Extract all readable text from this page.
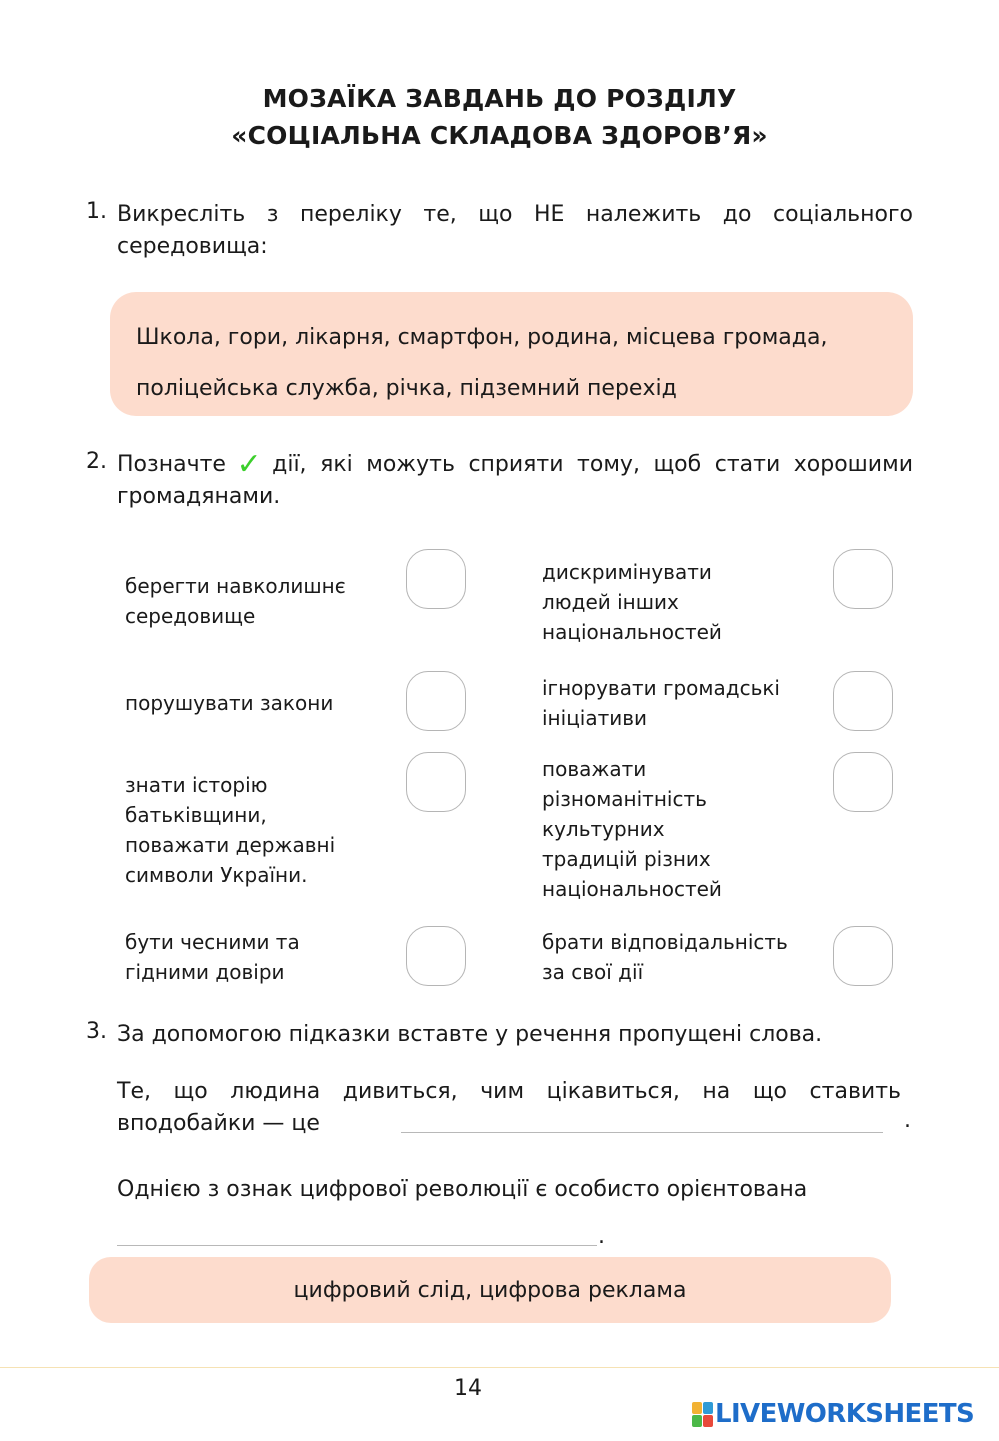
МОЗАЇКА ЗАВДАНЬ ДО РОЗДІЛУ
«СОЦІАЛЬНА СКЛАДОВА ЗДОРОВ’Я»
1. Викресліть з переліку те, що НЕ належить до соціального середовища:
Школа, гори, лікарня, смартфон, родина, місцева громада,
поліцейська служба, річка, підземний перехід
2. Позначте ✓ дії, які можуть сприяти тому, щоб стати хорошими громадянами.
берегти навколишнє
середовище
порушувати закони
знати історію
батьківщини,
поважати державні
символи України.
бути чесними та
гідними довіри
дискримінувати
людей інших
національностей
ігнорувати громадські
ініціативи
поважати
різноманітність
культурних
традицій різних
національностей
брати відповідальність
за свої дії
3. За допомогою підказки вставте у речення пропущені слова.
Те, що людина дивиться, чим цікавиться, на що ставить вподобайки — це	.
Однією з ознак цифрової революції є особисто орієнтована
.
цифровий слід, цифрова реклама
14
LIVEWORKSHEETS
